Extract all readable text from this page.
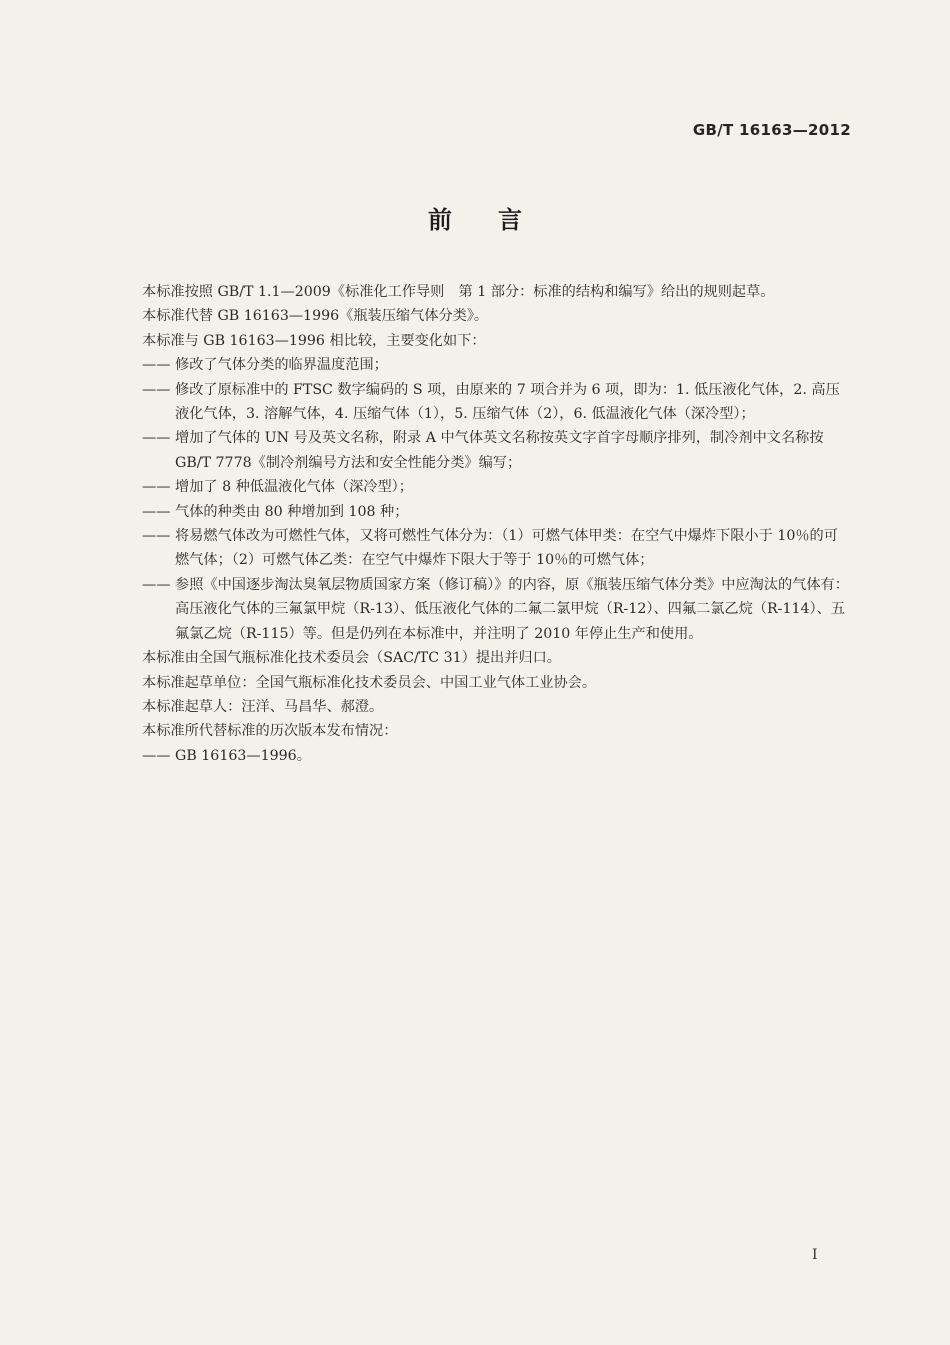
GB/T 16163—2012
前言

本标准按照 GB/T 1.1—2009《标准化工作导则　第 1 部分：标准的结构和编写》给出的规则起草。

本标准代替 GB 16163—1996《瓶装压缩气体分类》。

本标准与 GB 16163—1996 相比较，主要变化如下：

—— 修改了气体分类的临界温度范围；

—— 修改了原标准中的 FTSC 数字编码的 S 项，由原来的 7 项合并为 6 项，即为：1. 低压液化气体，2. 高压液化气体，3. 溶解气体，4. 压缩气体（1），5. 压缩气体（2），6. 低温液化气体（深冷型）；

—— 增加了气体的 UN 号及英文名称，附录 A 中气体英文名称按英文字首字母顺序排列，制冷剂中文名称按 GB/T 7778《制冷剂编号方法和安全性能分类》编写；

—— 增加了 8 种低温液化气体（深冷型）；

—— 气体的种类由 80 种增加到 108 种；

—— 将易燃气体改为可燃性气体，又将可燃性气体分为：（1）可燃气体甲类：在空气中爆炸下限小于 10％的可燃气体；（2）可燃气体乙类：在空气中爆炸下限大于等于 10％的可燃气体；

—— 参照《中国逐步淘汰臭氧层物质国家方案（修订稿）》的内容，原《瓶装压缩气体分类》中应淘汰的气体有：高压液化气体的三氟氯甲烷（R-13）、低压液化气体的二氟二氯甲烷（R-12）、四氟二氯乙烷（R-114）、五氟氯乙烷（R-115）等。但是仍列在本标准中，并注明了 2010 年停止生产和使用。

本标准由全国气瓶标准化技术委员会（SAC/TC 31）提出并归口。

本标准起草单位：全国气瓶标准化技术委员会、中国工业气体工业协会。

本标准起草人：汪洋、马昌华、郝澄。

本标准所代替标准的历次版本发布情况：

—— GB 16163—1996。

I
